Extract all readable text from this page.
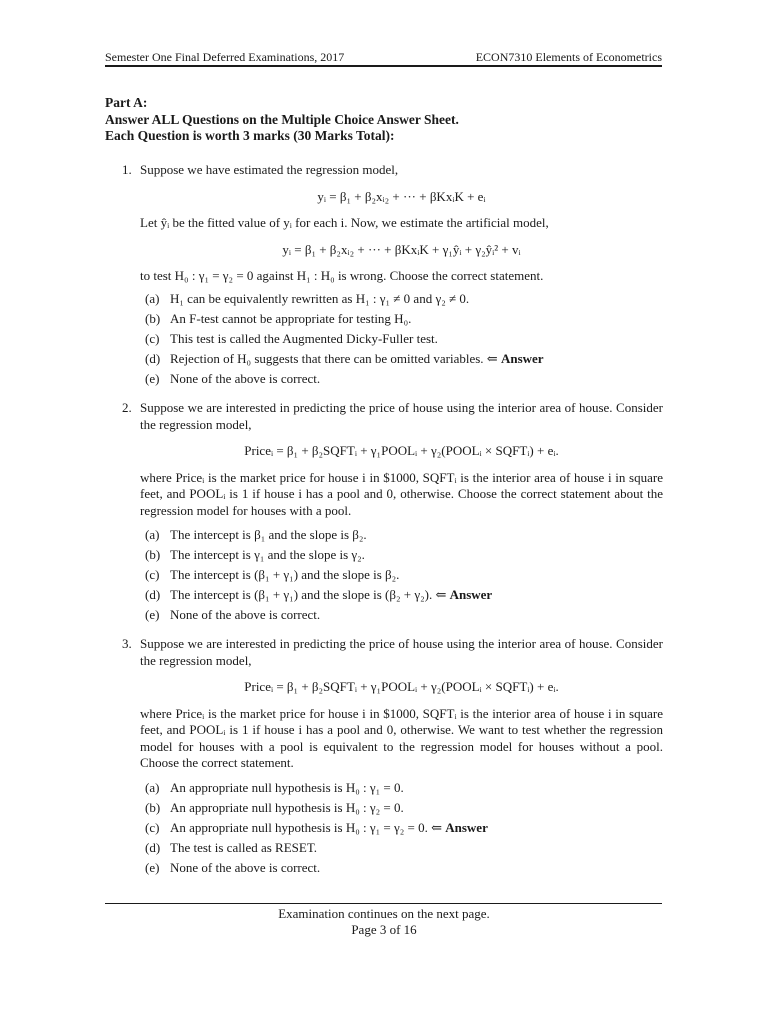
Semester One Final Deferred Examinations, 2017	ECON7310 Elements of Econometrics
Part A:
Answer ALL Questions on the Multiple Choice Answer Sheet.
Each Question is worth 3 marks (30 Marks Total):
1. Suppose we have estimated the regression model,

yᵢ = β₁ + β₂xᵢ₂ + ··· + βKxᵢK + eᵢ

Let ŷᵢ be the fitted value of yᵢ for each i. Now, we estimate the artificial model,

yᵢ = β₁ + β₂xᵢ₂ + ··· + βKxᵢK + γ₁ŷᵢ + γ₂ŷᵢ² + vᵢ

to test H₀ : γ₁ = γ₂ = 0 against H₁ : H₀ is wrong. Choose the correct statement.

(a) H₁ can be equivalently rewritten as H₁ : γ₁ ≠ 0 and γ₂ ≠ 0.
(b) An F-test cannot be appropriate for testing H₀.
(c) This test is called the Augmented Dicky-Fuller test.
(d) Rejection of H₀ suggests that there can be omitted variables. ⇐ Answer
(e) None of the above is correct.
2. Suppose we are interested in predicting the price of house using the interior area of house. Consider the regression model,

Priceᵢ = β₁ + β₂SQFTᵢ + γ₁POOLᵢ + γ₂(POOLᵢ × SQFTᵢ) + eᵢ.

where Priceᵢ is the market price for house i in $1000, SQFTᵢ is the interior area of house i in square feet, and POOLᵢ is 1 if house i has a pool and 0, otherwise. Choose the correct statement about the regression model for houses with a pool.

(a) The intercept is β₁ and the slope is β₂.
(b) The intercept is γ₁ and the slope is γ₂.
(c) The intercept is (β₁ + γ₁) and the slope is β₂.
(d) The intercept is (β₁ + γ₁) and the slope is (β₂ + γ₂). ⇐ Answer
(e) None of the above is correct.
3. Suppose we are interested in predicting the price of house using the interior area of house. Consider the regression model,

Priceᵢ = β₁ + β₂SQFTᵢ + γ₁POOLᵢ + γ₂(POOLᵢ × SQFTᵢ) + eᵢ.

where Priceᵢ is the market price for house i in $1000, SQFTᵢ is the interior area of house i in square feet, and POOLᵢ is 1 if house i has a pool and 0, otherwise. We want to test whether the regression model for houses with a pool is equivalent to the regression model for houses without a pool. Choose the correct statement.

(a) An appropriate null hypothesis is H₀ : γ₁ = 0.
(b) An appropriate null hypothesis is H₀ : γ₂ = 0.
(c) An appropriate null hypothesis is H₀ : γ₁ = γ₂ = 0. ⇐ Answer
(d) The test is called as RESET.
(e) None of the above is correct.
Examination continues on the next page.
Page 3 of 16
